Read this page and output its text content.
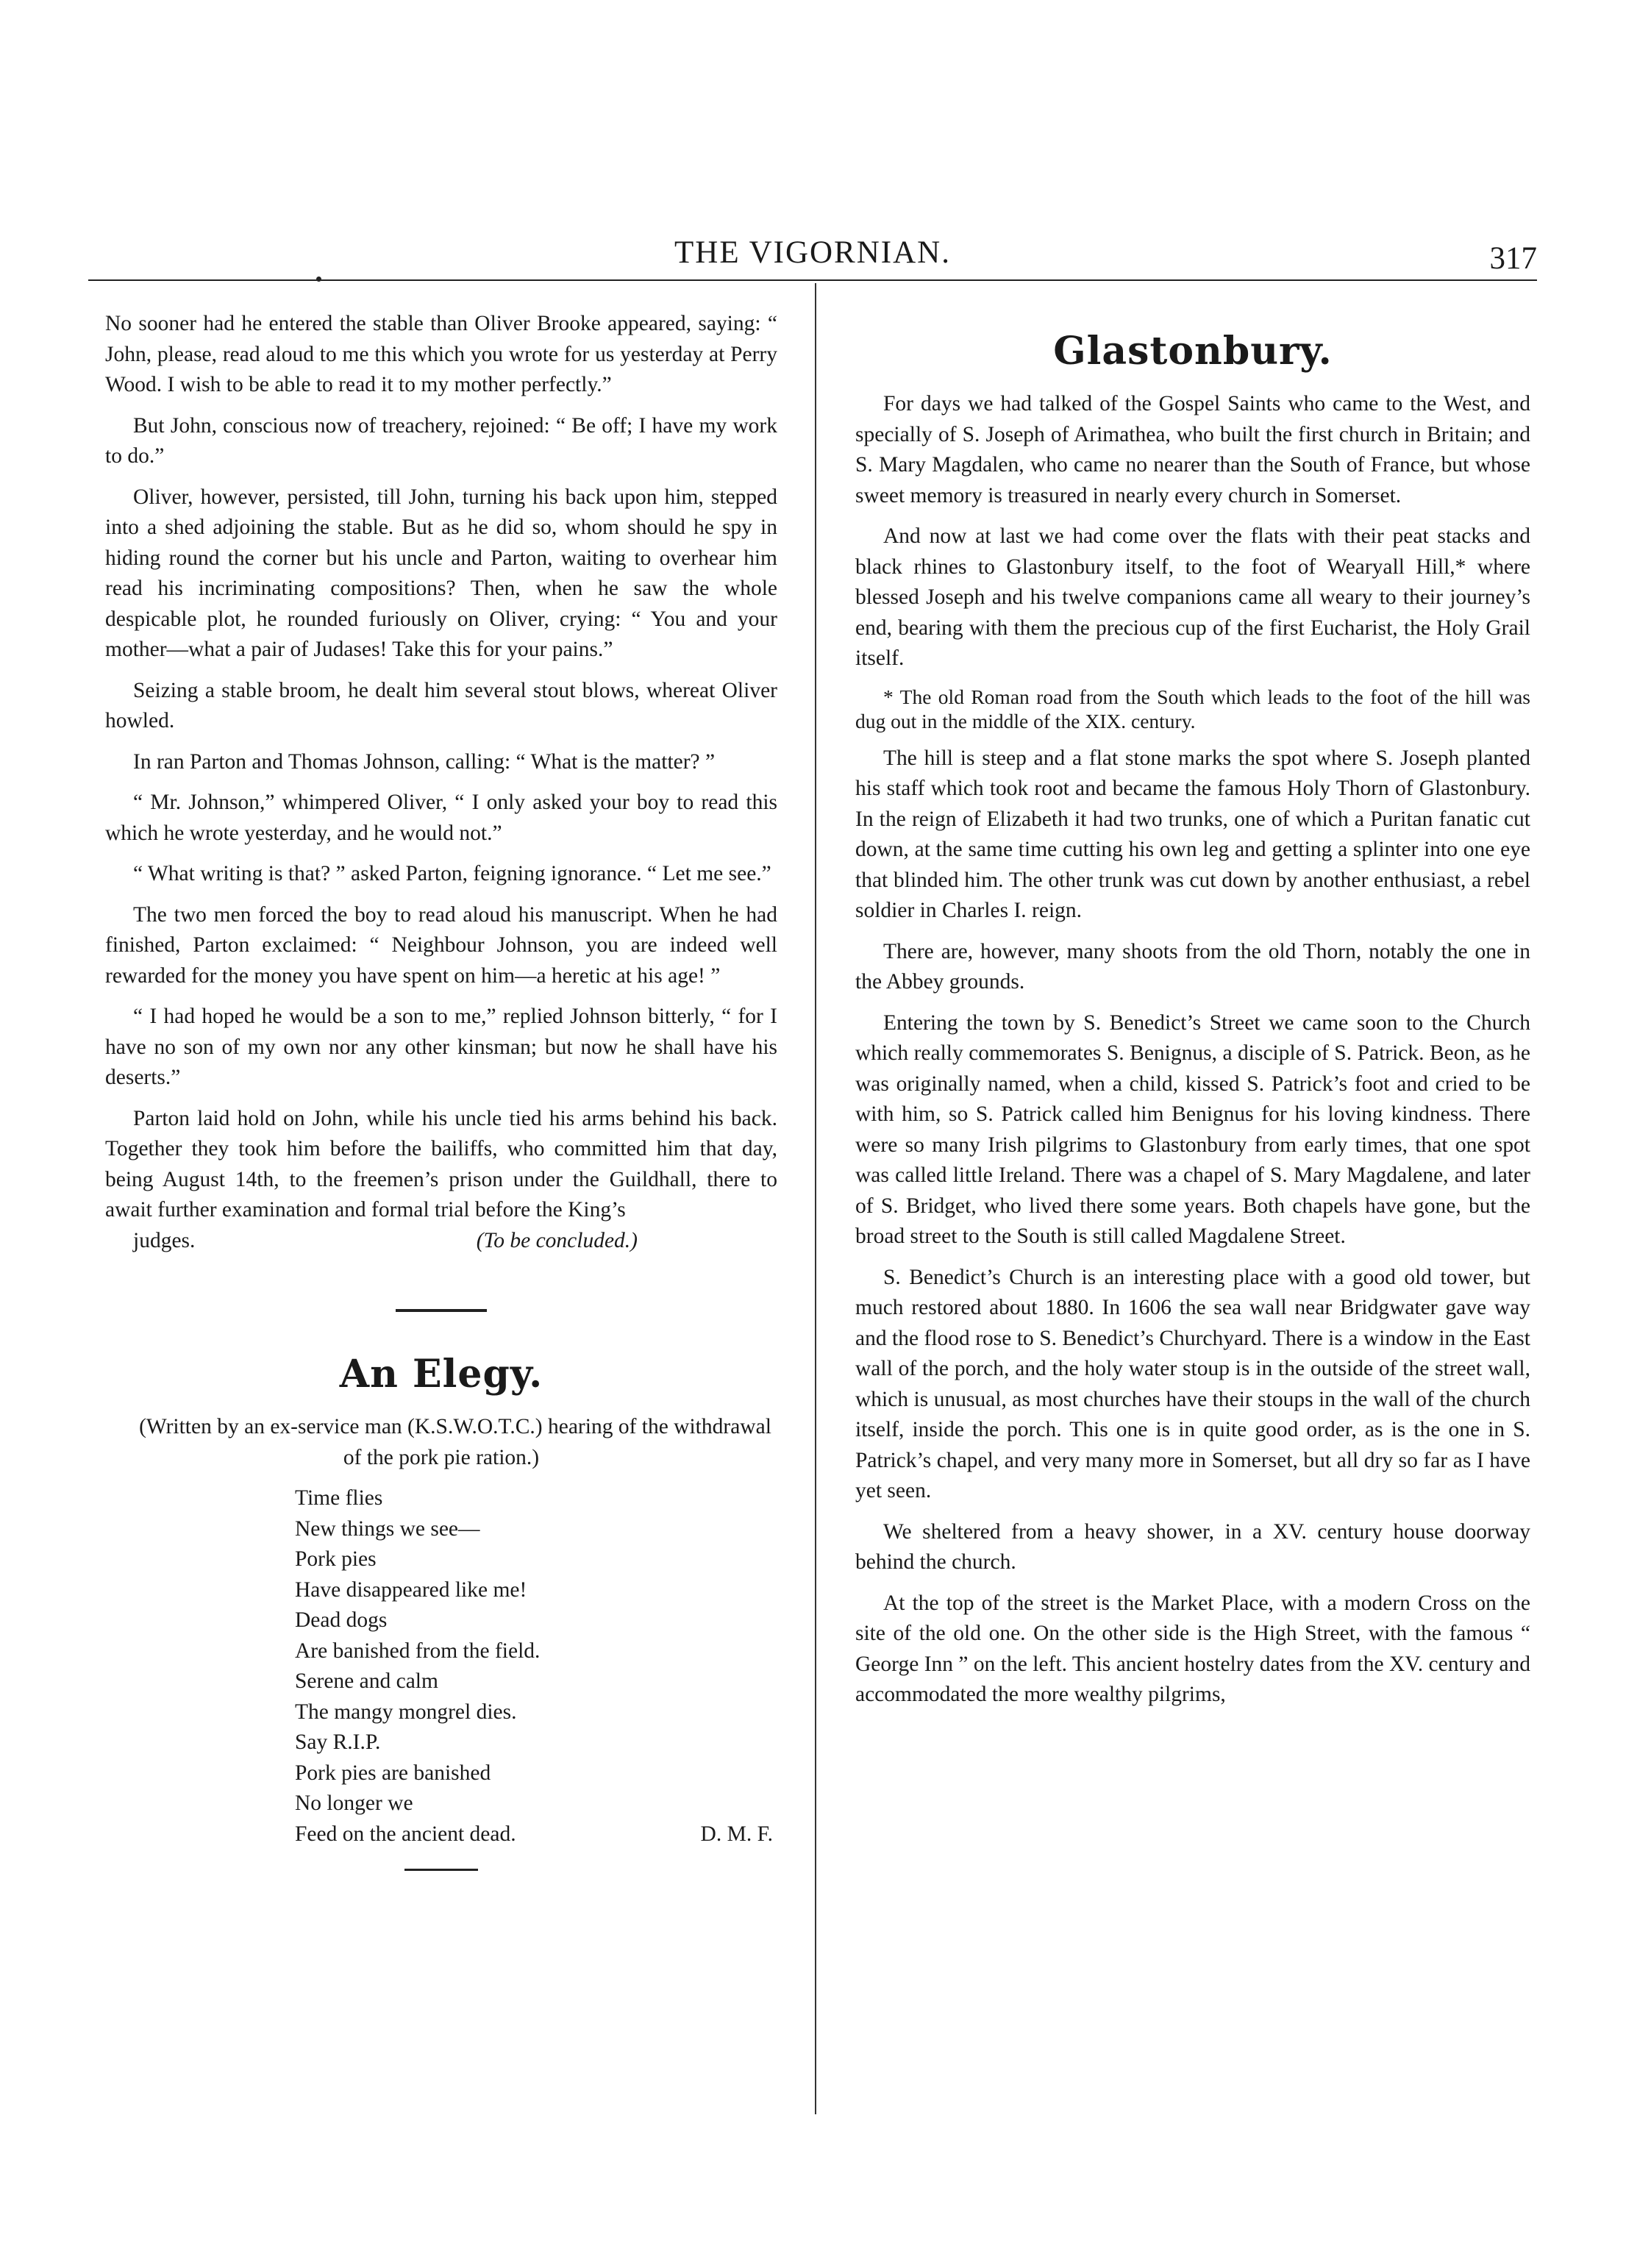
THE VIGORNIAN.	317

No sooner had he entered the stable than Oliver Brooke appeared, saying: “ John, please, read aloud to me this which you wrote for us yesterday at Perry Wood. I wish to be able to read it to my mother perfectly.”

But John, conscious now of treachery, rejoined: “ Be off; I have my work to do.”

Oliver, however, persisted, till John, turning his back upon him, stepped into a shed adjoining the stable. But as he did so, whom should he spy in hiding round the corner but his uncle and Parton, waiting to overhear him read his incriminating compositions? Then, when he saw the whole despicable plot, he rounded furiously on Oliver, crying: “ You and your mother—what a pair of Judases! Take this for your pains.”

Seizing a stable broom, he dealt him several stout blows, whereat Oliver howled.

In ran Parton and Thomas Johnson, calling: “ What is the matter? ”

“ Mr. Johnson,” whimpered Oliver, “ I only asked your boy to read this which he wrote yesterday, and he would not.”

“ What writing is that? ” asked Parton, feigning ignorance. “ Let me see.”

The two men forced the boy to read aloud his manuscript. When he had finished, Parton exclaimed: “ Neighbour Johnson, you are indeed well rewarded for the money you have spent on him—a heretic at his age! ”

“ I had hoped he would be a son to me,” replied Johnson bitterly, “ for I have no son of my own nor any other kinsman; but now he shall have his deserts.”

Parton laid hold on John, while his uncle tied his arms behind his back. Together they took him before the bailiffs, who committed him that day, being August 14th, to the freemen’s prison under the Guildhall, there to await further examination and formal trial before the King’s

judges.	(To be concluded.)
An Elegy.

(Written by an ex-service man (K.S.W.O.T.C.) hearing of the withdrawal of the pork pie ration.)

Time flies
New things we see—
Pork pies
Have disappeared like me!
Dead dogs
Are banished from the field.
Serene and calm
The mangy mongrel dies.
Say R.I.P.
Pork pies are banished
No longer we
Feed on the ancient dead.	D. M. F.
Glastonbury.

For days we had talked of the Gospel Saints who came to the West, and specially of S. Joseph of Arimathea, who built the first church in Britain; and S. Mary Magdalen, who came no nearer than the South of France, but whose sweet memory is treasured in nearly every church in Somerset.

And now at last we had come over the flats with their peat stacks and black rhines to Glastonbury itself, to the foot of Wearyall Hill,* where blessed Joseph and his twelve companions came all weary to their journey’s end, bearing with them the precious cup of the first Eucharist, the Holy Grail itself.

* The old Roman road from the South which leads to the foot of the hill was dug out in the middle of the XIX. century.

The hill is steep and a flat stone marks the spot where S. Joseph planted his staff which took root and became the famous Holy Thorn of Glastonbury. In the reign of Elizabeth it had two trunks, one of which a Puritan fanatic cut down, at the same time cutting his own leg and getting a splinter into one eye that blinded him. The other trunk was cut down by another enthusiast, a rebel soldier in Charles I. reign.

There are, however, many shoots from the old Thorn, notably the one in the Abbey grounds.

Entering the town by S. Benedict’s Street we came soon to the Church which really commemorates S. Benignus, a disciple of S. Patrick. Beon, as he was originally named, when a child, kissed S. Patrick’s foot and cried to be with him, so S. Patrick called him Benignus for his loving kindness. There were so many Irish pilgrims to Glastonbury from early times, that one spot was called little Ireland. There was a chapel of S. Mary Magdalene, and later of S. Bridget, who lived there some years. Both chapels have gone, but the broad street to the South is still called Magdalene Street.

S. Benedict’s Church is an interesting place with a good old tower, but much restored about 1880. In 1606 the sea wall near Bridgwater gave way and the flood rose to S. Benedict’s Churchyard. There is a window in the East wall of the porch, and the holy water stoup is in the outside of the street wall, which is unusual, as most churches have their stoups in the wall of the church itself, inside the porch. This one is in quite good order, as is the one in S. Patrick’s chapel, and very many more in Somerset, but all dry so far as I have yet seen.

We sheltered from a heavy shower, in a XV. century house doorway behind the church.

At the top of the street is the Market Place, with a modern Cross on the site of the old one. On the other side is the High Street, with the famous “ George Inn ” on the left. This ancient hostelry dates from the XV. century and accommodated the more wealthy pilgrims,
